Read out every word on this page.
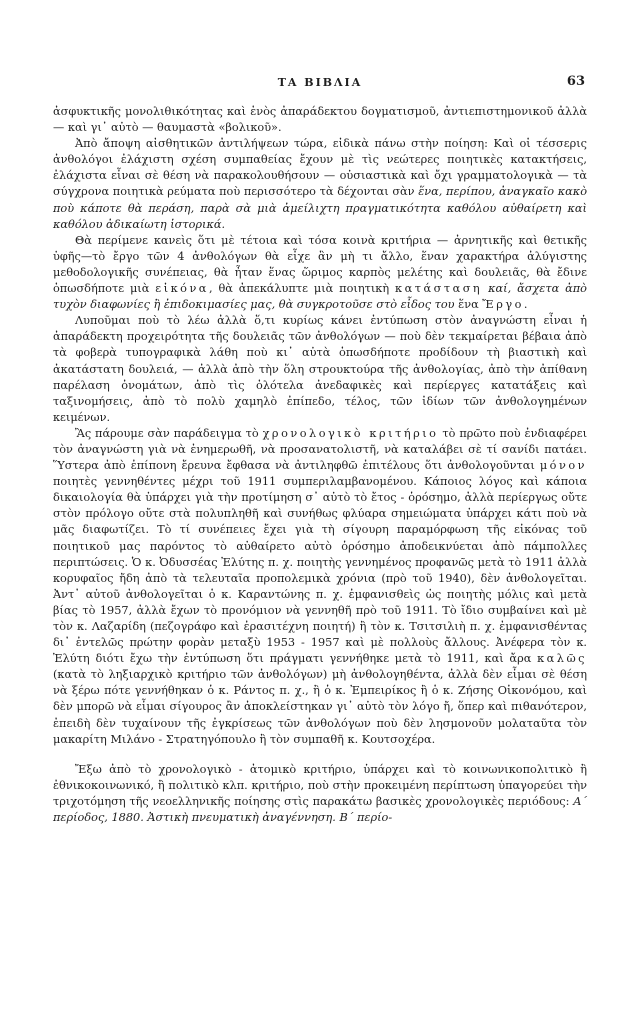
ΤΑ ΒΙΒΛΙΑ	63

ἀσφυκτικῆς μονολιθικότητας καὶ ἑνὸς ἀπαράδεκτου δογματισμοῦ, ἀντιεπιστημονικοῦ ἀλλὰ — καὶ γι᾿ αὐτὸ — θαυμαστὰ «βολικοῦ».

Ἀπὸ ἄποψη αἰσθητικῶν ἀντιλήψεων τώρα, εἰδικὰ πάνω στὴν ποίηση: Καὶ οἱ τέσσερις ἀνθολόγοι ἐλάχιστη σχέση συμπαθείας ἔχουν μὲ τὶς νεώτερες ποιητικὲς κατακτήσεις, ἐλάχιστα εἶναι σὲ θέση νὰ παρακολουθήσουν — οὐσιαστικὰ καὶ ὄχι γραμματολογικὰ — τὰ σύγχρονα ποιητικὰ ρεύματα ποὺ περισσότερο τὰ δέχονται σὰν ἕνα, περίπου, ἀναγκαῖο κακὸ ποὺ κάποτε θὰ περάση, παρὰ σὰ μιὰ ἀμείλιχτη πραγματικότητα καθόλου αὐθαίρετη καὶ καθόλου ἀδικαίωτη ἱστορικά.

Θὰ περίμενε κανεὶς ὅτι μὲ τέτοια καὶ τόσα κοινὰ κριτήρια — ἀρνητικῆς καὶ θετικῆς ὑφῆς—τὸ ἔργο τῶν 4 ἀνθολόγων θὰ εἶχε ἂν μὴ τι ἄλλο, ἕναν χαρακτήρα ἀλύγιστης μεθοδολογικῆς συνέπειας, θὰ ἦταν ἕνας ὥριμος καρπὸς μελέτης καὶ δουλειᾶς, θὰ ἔδινε ὁπωσδήποτε μιὰ εἰκόνα, θὰ ἀπεκάλυπτε μιὰ ποιητικὴ κατάσταση καί, ἄσχετα ἀπὸ τυχὸν διαφωνίες ἢ ἐπιδοκιμασίες μας, θὰ συγκροτοῦσε στὸ εἶδος του ἕνα Ἔργο.

Λυποῦμαι ποὺ τὸ λέω ἀλλὰ ὅ,τι κυρίως κάνει ἐντύπωση στὸν ἀναγνώστη εἶναι ἡ ἀπαράδεκτη προχειρότητα τῆς δουλειᾶς τῶν ἀνθολόγων — ποὺ δὲν τεκμαίρεται βέβαια ἀπὸ τὰ φοβερὰ τυπογραφικὰ λάθη ποὺ κι᾿ αὐτὰ ὁπωσδήποτε προδίδουν τὴ βιαστικὴ καὶ ἀκατάστατη δουλειά, — ἀλλὰ ἀπὸ τὴν ὅλη στρουκτούρα τῆς ἀνθολογίας, ἀπὸ τὴν ἀπίθανη παρέλαση ὀνομάτων, ἀπὸ τὶς ὁλότελα ἀνεδαφικὲς καὶ περίεργες κατατάξεις καὶ ταξινομήσεις, ἀπὸ τὸ πολὺ χαμηλὸ ἐπίπεδο, τέλος, τῶν ἰδίων τῶν ἀνθολογημένων κειμένων.

Ἂς πάρουμε σὰν παράδειγμα τὸ χρονολογικὸ κριτήριο τὸ πρῶτο ποὺ ἐνδιαφέρει τὸν ἀναγνώστη γιὰ νὰ ἐνημερωθῆ, νὰ προσανατολιστῆ, νὰ καταλάβει σὲ τί σανίδι πατάει. Ὕστερα ἀπὸ ἐπίπονη ἔρευνα ἔφθασα νὰ ἀντιληφθῶ ἐπιτέλους ὅτι ἀνθολογοῦνται μόνον ποιητὲς γεννηθέντες μέχρι τοῦ 1911 συμπεριλαμβανομένου. Κάποιος λόγος καὶ κάποια δικαιολογία θὰ ὑπάρχει γιὰ τὴν προτίμηση σ᾿ αὐτὸ τὸ ἔτος - ὁρόσημο, ἀλλὰ περίεργως οὔτε στὸν πρόλογο οὔτε στὰ πολυπληθῆ καὶ συνήθως φλύαρα σημειώματα ὑπάρχει κάτι ποὺ νὰ μᾶς διαφωτίζει. Τὸ τί συνέπειες ἔχει γιὰ τὴ σίγουρη παραμόρφωση τῆς εἰκόνας τοῦ ποιητικοῦ μας παρόντος τὸ αὐθαίρετο αὐτὸ ὁρόσημο ἀποδεικνύεται ἀπὸ πάμπολλες περιπτώσεις. Ὁ κ. Ὀδυσσέας Ἐλύτης π. χ. ποιητὴς γεννημένος προφανῶς μετὰ τὸ 1911 ἀλλὰ κορυφαῖος ἤδη ἀπὸ τὰ τελευταῖα προπολεμικὰ χρόνια (πρὸ τοῦ 1940), δὲν ἀνθολογεῖται. Ἀντ᾿ αὐτοῦ ἀνθολογεῖται ὁ κ. Καραντώνης π. χ. ἐμφανισθεὶς ὡς ποιητὴς μόλις καὶ μετὰ βίας τὸ 1957, ἀλλὰ ἔχων τὸ προνόμιον νὰ γεννηθῆ πρὸ τοῦ 1911. Τὸ ἴδιο συμβαίνει καὶ μὲ τὸν κ. Λαζαρίδη (πεζογράφο καὶ ἐρασιτέχνη ποιητή) ἢ τὸν κ. Τσιτσιλιὴ π. χ. ἐμφανισθέντας δι᾿ ἐντελῶς πρώτην φορὰν μεταξὺ 1953 - 1957 καὶ μὲ πολλοὺς ἄλλους. Ἀνέφερα τὸν κ. Ἐλύτη διότι ἔχω τὴν ἐντύπωση ὅτι πράγματι γεννήθηκε μετὰ τὸ 1911, καὶ ἄρα καλῶς (κατὰ τὸ ληξιαρχικὸ κριτήριο τῶν ἀνθολόγων) μὴ ἀνθολογηθέντα, ἀλλὰ δὲν εἶμαι σὲ θέση νὰ ξέρω πότε γεννήθηκαν ὁ κ. Ράντος π. χ., ἢ ὁ κ. Ἐμπειρίκος ἢ ὁ κ. Ζήσης Οἰκονόμου, καὶ δὲν μπορῶ νὰ εἶμαι σίγουρος ἂν ἀποκλείστηκαν γι᾿ αὐτὸ τὸν λόγο ἤ, ὅπερ καὶ πιθανότερον, ἐπειδὴ δὲν τυχαίνουν τῆς ἐγκρίσεως τῶν ἀνθολόγων ποὺ δὲν λησμονοῦν μολαταῦτα τὸν μακαρίτη Μιλάνο - Στρατηγόπουλο ἢ τὸν συμπαθῆ κ. Κουτσοχέρα.

Ἔξω ἀπὸ τὸ χρονολογικὸ - ἀτομικὸ κριτήριο, ὑπάρχει καὶ τὸ κοινωνικοπολιτικὸ ἢ ἐθνικοκοινωνικό, ἢ πολιτικὸ κλπ. κριτήριο, ποὺ στὴν προκειμένη περίπτωση ὑπαγορεύει τὴν τριχοτόμηση τῆς νεοελληνικῆς ποίησης στὶς παρακάτω βασικὲς χρονολογικὲς περιόδους: Α΄ περίοδος, 1880. Ἀστικὴ πνευματικὴ ἀναγέννηση. Β΄ περίο-
